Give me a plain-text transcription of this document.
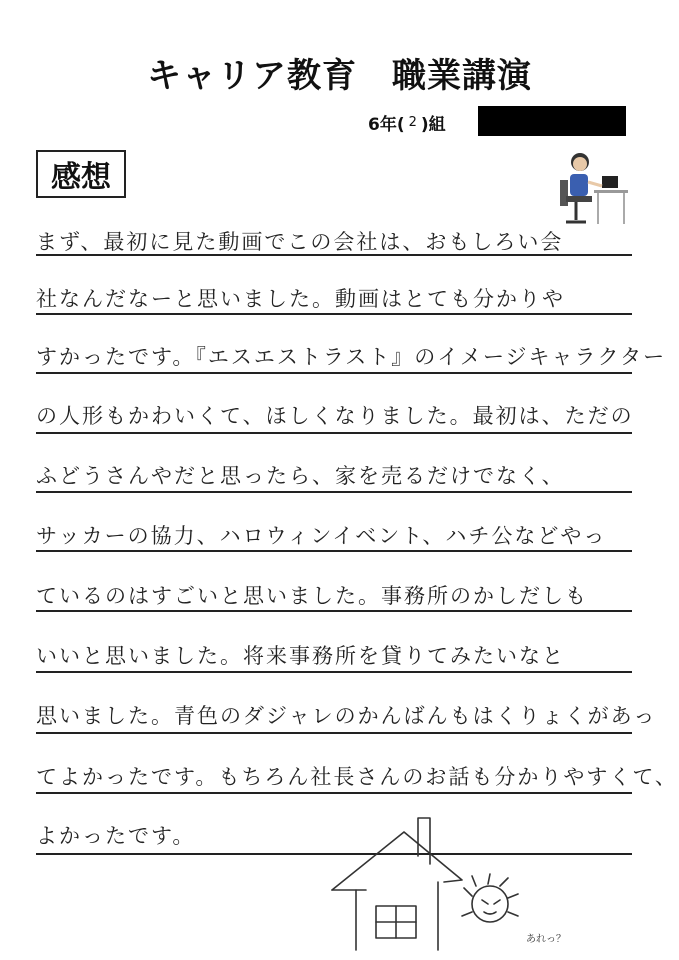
キャリア教育　職業講演
6年( 2 )組
感想
まず、最初に見た動画でこの会社は、おもしろい会
社なんだなーと思いました。動画はとても分かりや
すかったです。『エスエストラスト』のイメージキャラクター
の人形もかわいくて、ほしくなりました。最初は、ただの
ふどうさんやだと思ったら、家を売るだけでなく、
サッカーの協力、ハロウィンイベント、ハチ公などやっ
ているのはすごいと思いました。事務所のかしだしも
いいと思いました。将来事務所を貸りてみたいなと
思いました。青色のダジャレのかんばんもはくりょくがあっ
てよかったです。もちろん社長さんのお話も分かりやすくて、
よかったです。
あれっ？
